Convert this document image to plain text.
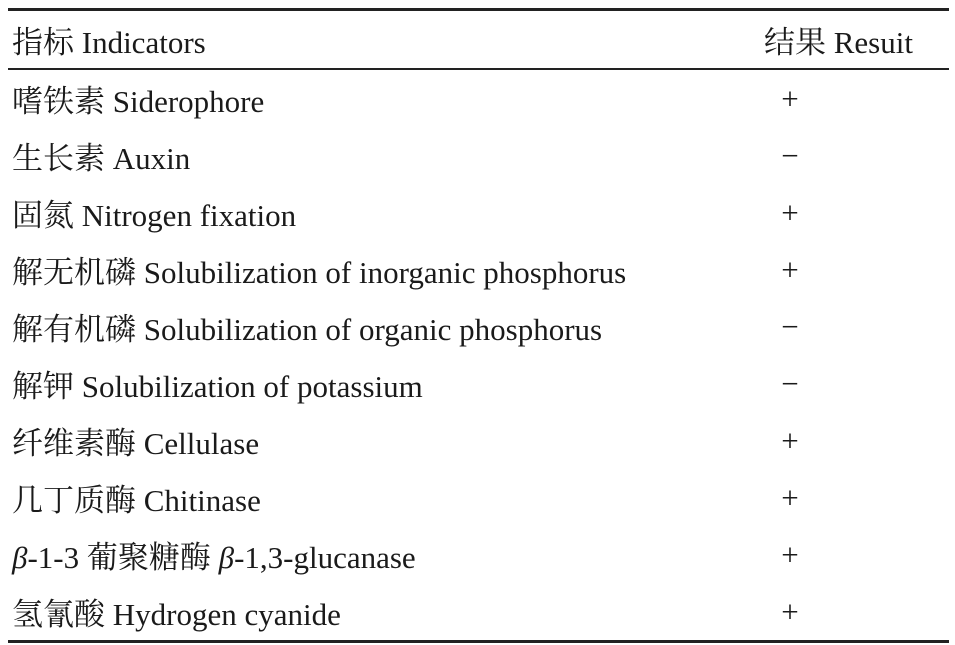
指标 Indicators	结果 Resuit
嗜铁素 Siderophore	+
生长素 Auxin	−
固氮 Nitrogen fixation	+
解无机磷 Solubilization of inorganic phosphorus	+
解有机磷 Solubilization of organic phosphorus	−
解钾 Solubilization of potassium	−
纤维素酶 Cellulase	+
几丁质酶 Chitinase	+
β-1-3 葡聚糖酶 β-1,3-glucanase	+
氢氰酸 Hydrogen cyanide	+
